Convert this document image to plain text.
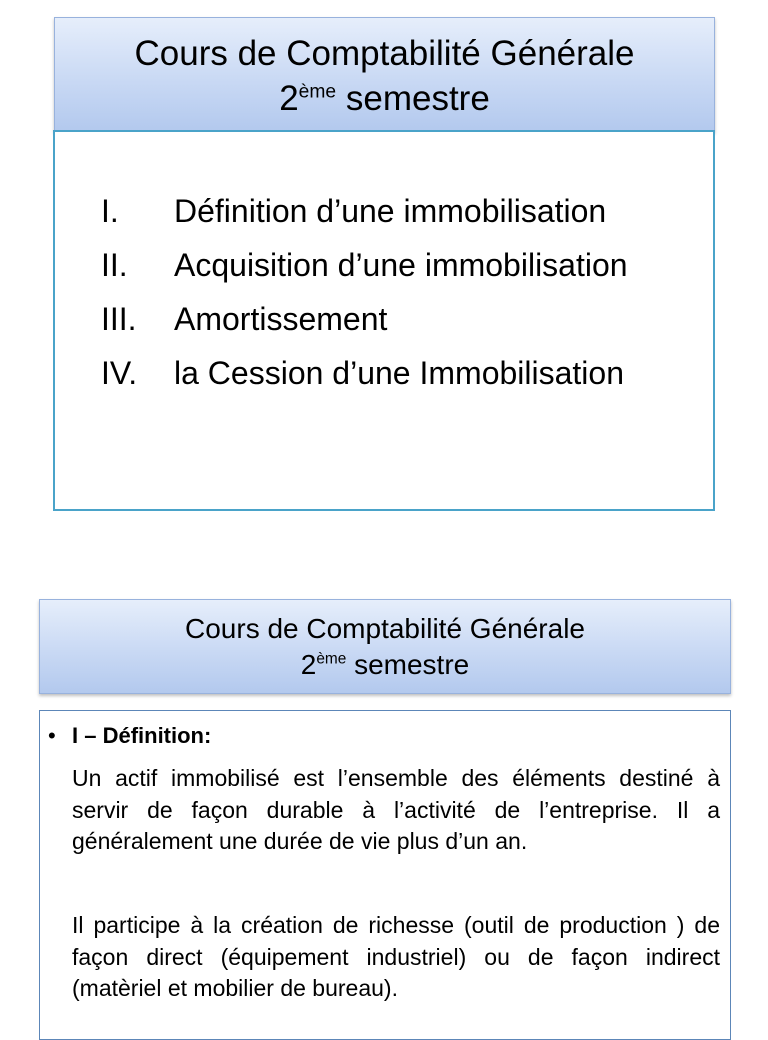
Cours de Comptabilité Générale
2ème semestre
I.	Définition d’une immobilisation
II.	Acquisition d’une immobilisation
III.	Amortissement
IV.	la Cession d’une Immobilisation
Cours de Comptabilité Générale
2ème semestre
• I – Définition:
Un actif immobilisé est l’ensemble des éléments destiné à servir de façon durable à l’activité de l’entreprise. Il a généralement une durée de vie plus d’un an.
Il participe à la création de richesse (outil de production ) de façon direct (équipement industriel) ou de façon indirect (matèriel et mobilier de bureau).
